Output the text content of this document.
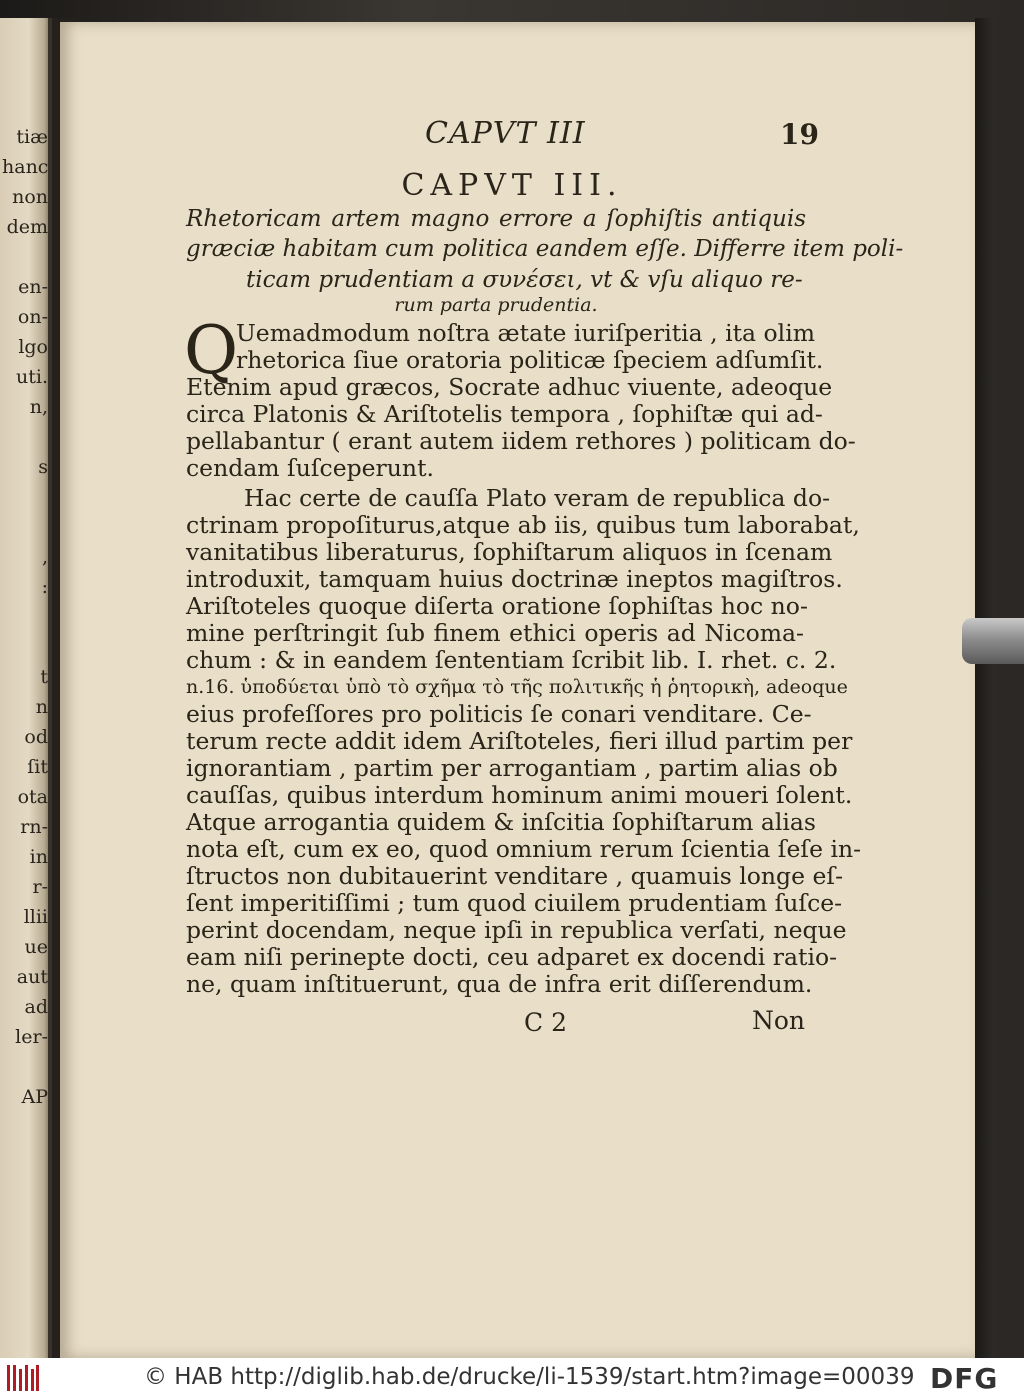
tiæ
hanc
non
dem
en-
on-
lgo
uti.
n,
s
,
:
t
n
od
ſit
ota
rn-
in
r-
llii
ue
aut
ad
ler-
AP
CAPVT III	19
CAPVT III.
Rhetoricam artem magno errore a ſophiſtis antiquis
græciæ habitam cum politica eandem eſſe. Differre item poli-
ticam prudentiam a συνέσει, vt & vſu aliquo re-
rum parta prudentia.
Q
Uemadmodum noſtra ætate iuriſperitia , ita olim
rhetorica ſiue oratoria politicæ ſpeciem adſumſit.
Etenim apud græcos, Socrate adhuc viuente, adeoque
circa Platonis & Ariſtotelis tempora , ſophiſtæ qui ad-
pellabantur ( erant autem iidem rethores ) politicam do-
cendam ſuſceperunt.
Hac certe de cauſſa Plato veram de republica do-
ctrinam propoſiturus,atque ab iis, quibus tum laborabat,
vanitatibus liberaturus, ſophiſtarum aliquos in ſcenam
introduxit, tamquam huius doctrinæ ineptos magiſtros.
Ariſtoteles quoque diſerta oratione ſophiſtas hoc no-
mine perſtringit ſub finem ethici operis ad Nicoma-
chum : & in eandem ſententiam ſcribit lib. I. rhet. c. 2.
n.16. ὑποδύεται ὑπὸ τὸ σχῆμα τὸ τῆς πολιτικῆς ἡ ῥητορικὴ, adeoque
eius profeſſores pro politicis ſe conari venditare. Ce-
terum recte addit idem Ariſtoteles, fieri illud partim per
ignorantiam , partim per arrogantiam , partim alias ob
cauſſas, quibus interdum hominum animi moueri ſolent.
Atque arrogantia quidem & inſcitia ſophiſtarum alias
nota eſt, cum ex eo, quod omnium rerum ſcientia ſeſe in-
ſtructos non dubitauerint venditare , quamuis longe eſ-
ſent imperitiſſimi ; tum quod ciuilem prudentiam ſuſce-
perint docendam, neque ipſi in republica verſati, neque
eam niſi perinepte docti, ceu adparet ex docendi ratio-
ne, quam inſtituerunt, qua de infra erit diſſerendum.
C 2	Non
© HAB http://diglib.hab.de/drucke/li-1539/start.htm?image=00039 DFG
